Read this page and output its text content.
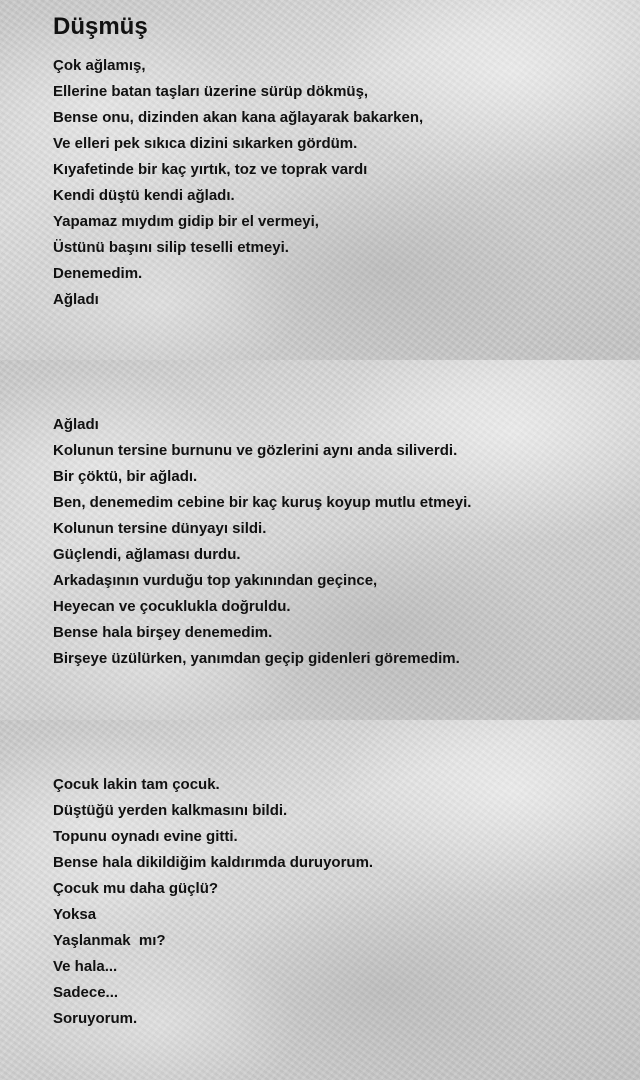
Düşmüş
Çok ağlamış,
Ellerine batan taşları üzerine sürüp dökmüş,
Bense onu, dizinden akan kana ağlayarak bakarken,
Ve elleri pek sıkıca dizini sıkarken gördüm.
Kıyafetinde bir kaç yırtık, toz ve toprak vardı
Kendi düştü kendi ağladı.
Yapamaz mıydım gidip bir el vermeyi,
Üstünü başını silip teselli etmeyi.
Denemedim.
Ağladı
Ağladı
Kolunun tersine burnunu ve gözlerini aynı anda siliverdi.
Bir çöktü, bir ağladı.
Ben, denemedim cebine bir kaç kuruş koyup mutlu etmeyi.
Kolunun tersine dünyayı sildi.
Güçlendi, ağlaması durdu.
Arkadaşının vurduğu top yakınından geçince,
Heyecan ve çocuklukla doğruldu.
Bense hala birşey denemedim.
Birşeye üzülürken, yanımdan geçip gidenleri göremedim.
Çocuk lakin tam çocuk.
Düştüğü yerden kalkmasını bildi.
Topunu oynadı evine gitti.
Bense hala dikildiğim kaldırımda duruyorum.
Çocuk mu daha güçlü?
Yoksa
Yaşlanmak  mı?
Ve hala...
Sadece...
Soruyorum.
